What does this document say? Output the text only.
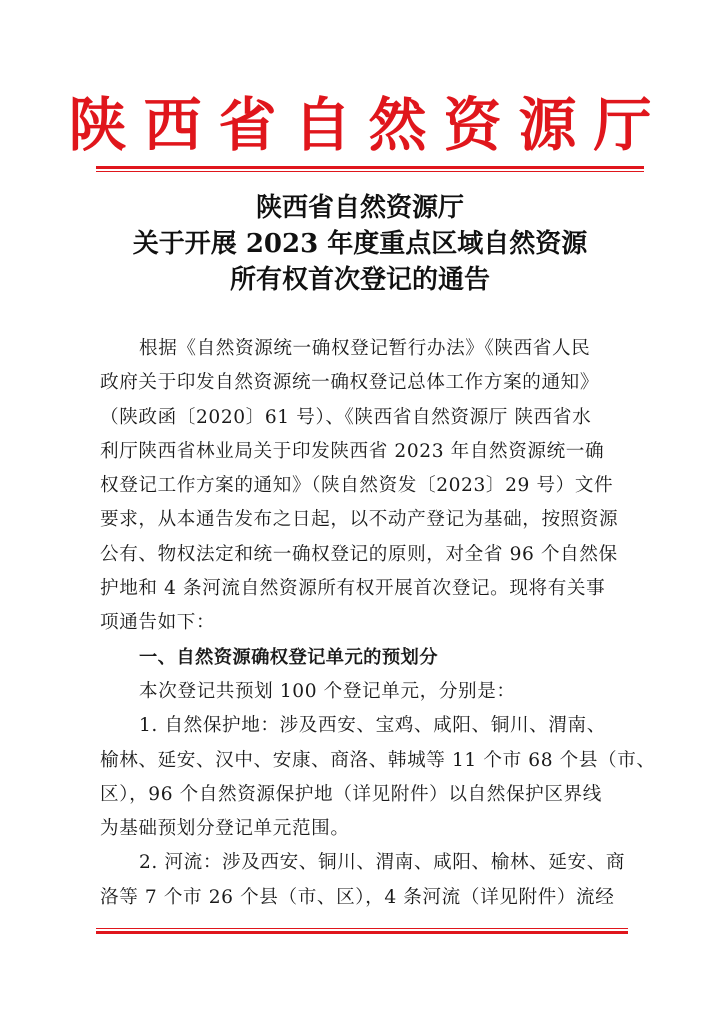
陕西省自然资源厅
陕西省自然资源厅
关于开展 2023 年度重点区域自然资源
所有权首次登记的通告
根据《自然资源统一确权登记暂行办法》《陕西省人民
政府关于印发自然资源统一确权登记总体工作方案的通知》
（陕政函〔2020〕61 号）、《陕西省自然资源厅 陕西省水
利厅陕西省林业局关于印发陕西省 2023 年自然资源统一确
权登记工作方案的通知》（陕自然资发〔2023〕29 号）文件
要求，从本通告发布之日起，以不动产登记为基础，按照资源
公有、物权法定和统一确权登记的原则，对全省 96 个自然保
护地和 4 条河流自然资源所有权开展首次登记。现将有关事
项通告如下：
一、自然资源确权登记单元的预划分
本次登记共预划 100 个登记单元，分别是：
1. 自然保护地：涉及西安、宝鸡、咸阳、铜川、渭南、
榆林、延安、汉中、安康、商洛、韩城等 11 个市 68 个县（市、
区），96 个自然资源保护地（详见附件）以自然保护区界线
为基础预划分登记单元范围。
2. 河流：涉及西安、铜川、渭南、咸阳、榆林、延安、商
洛等 7 个市 26 个县（市、区），4 条河流（详见附件）流经
